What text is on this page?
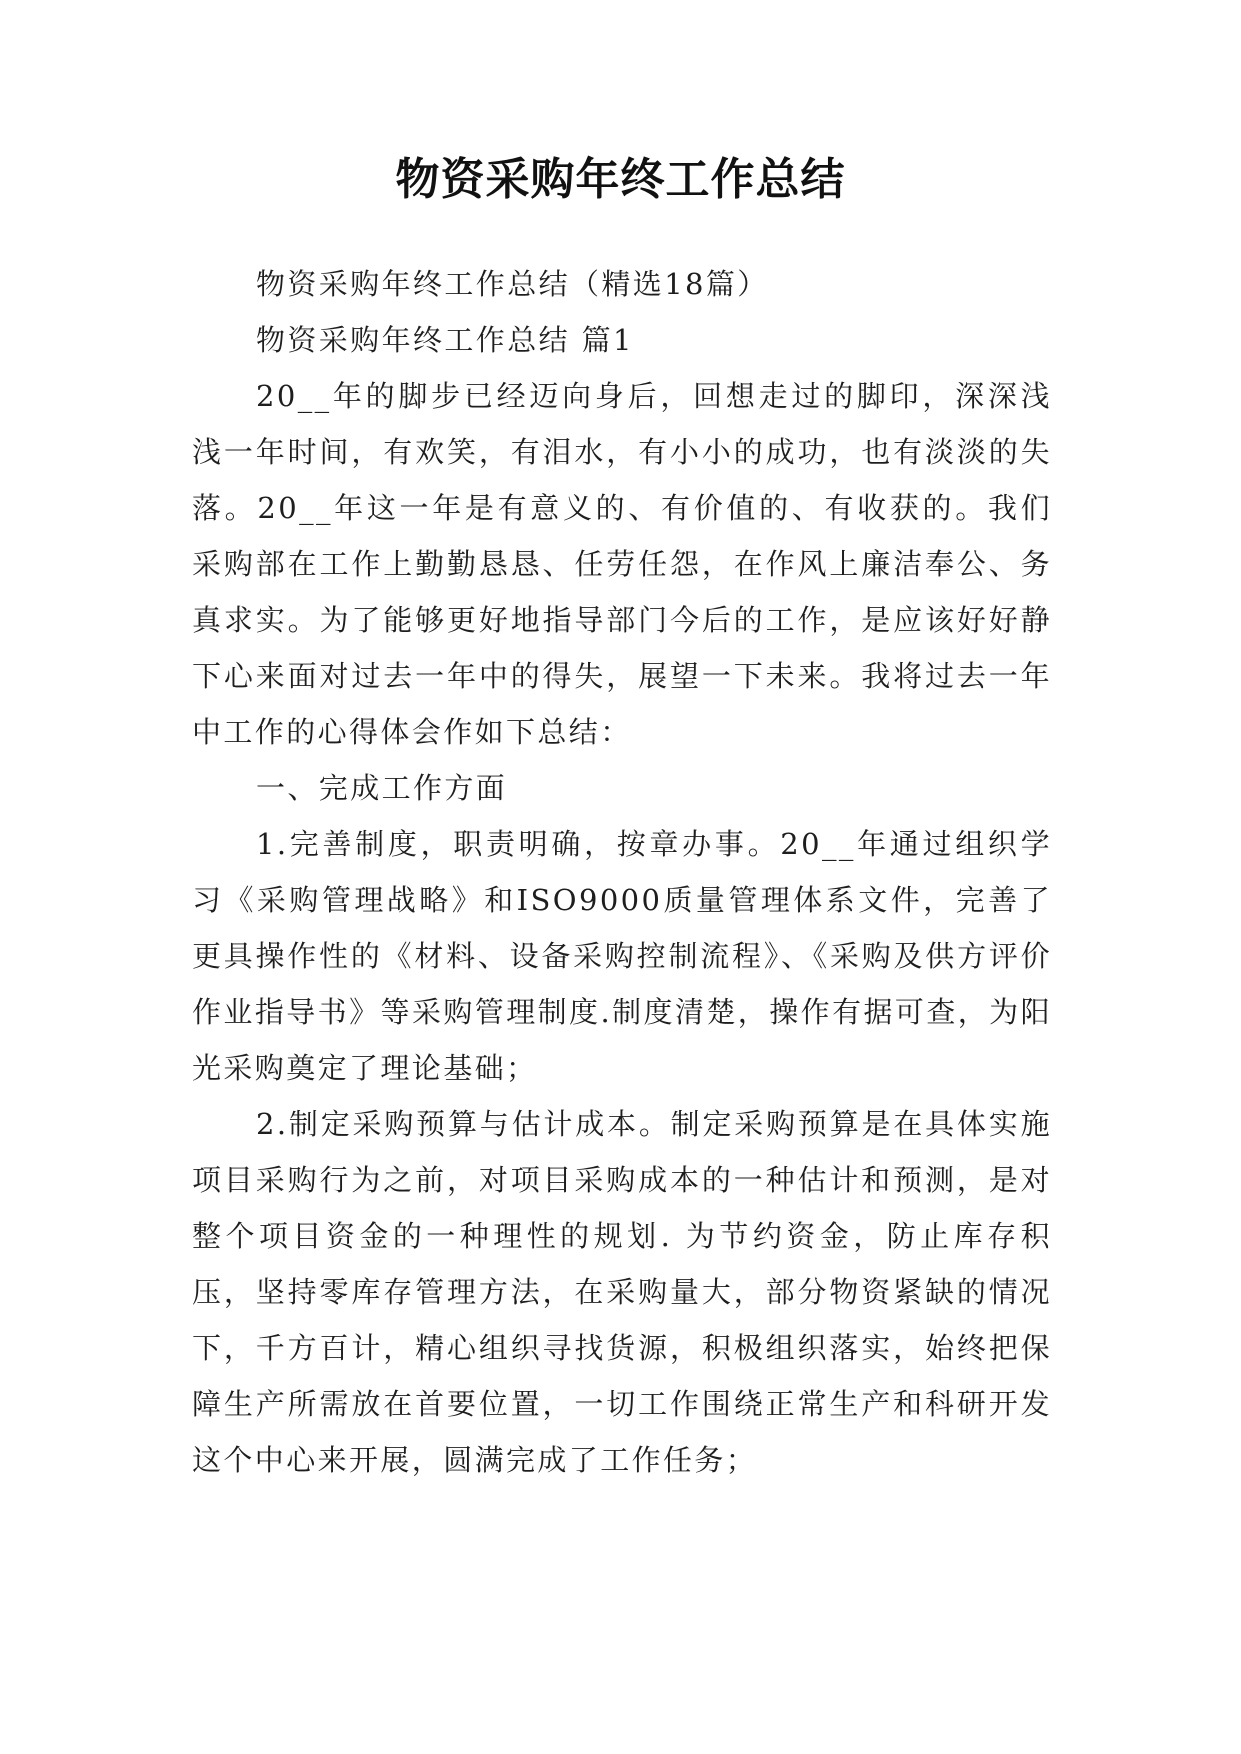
物资采购年终工作总结

物资采购年终工作总结（精选18篇）

物资采购年终工作总结 篇1

20__年的脚步已经迈向身后，回想走过的脚印，深深浅浅一年时间，有欢笑，有泪水，有小小的成功，也有淡淡的失落。20__年这一年是有意义的、有价值的、有收获的。我们采购部在工作上勤勤恳恳、任劳任怨，在作风上廉洁奉公、务真求实。为了能够更好地指导部门今后的工作，是应该好好静下心来面对过去一年中的得失，展望一下未来。我将过去一年中工作的心得体会作如下总结：

一、完成工作方面

1.完善制度，职责明确，按章办事。20__年通过组织学习《采购管理战略》和ISO9000质量管理体系文件，完善了更具操作性的《材料、设备采购控制流程》、《采购及供方评价作业指导书》等采购管理制度.制度清楚，操作有据可查，为阳光采购奠定了理论基础；

2.制定采购预算与估计成本。制定采购预算是在具体实施项目采购行为之前，对项目采购成本的一种估计和预测，是对整个项目资金的一种理性的规划. 为节约资金，防止库存积压，坚持零库存管理方法，在采购量大，部分物资紧缺的情况下，千方百计，精心组织寻找货源，积极组织落实，始终把保障生产所需放在首要位置，一切工作围绕正常生产和科研开发这个中心来开展，圆满完成了工作任务；
